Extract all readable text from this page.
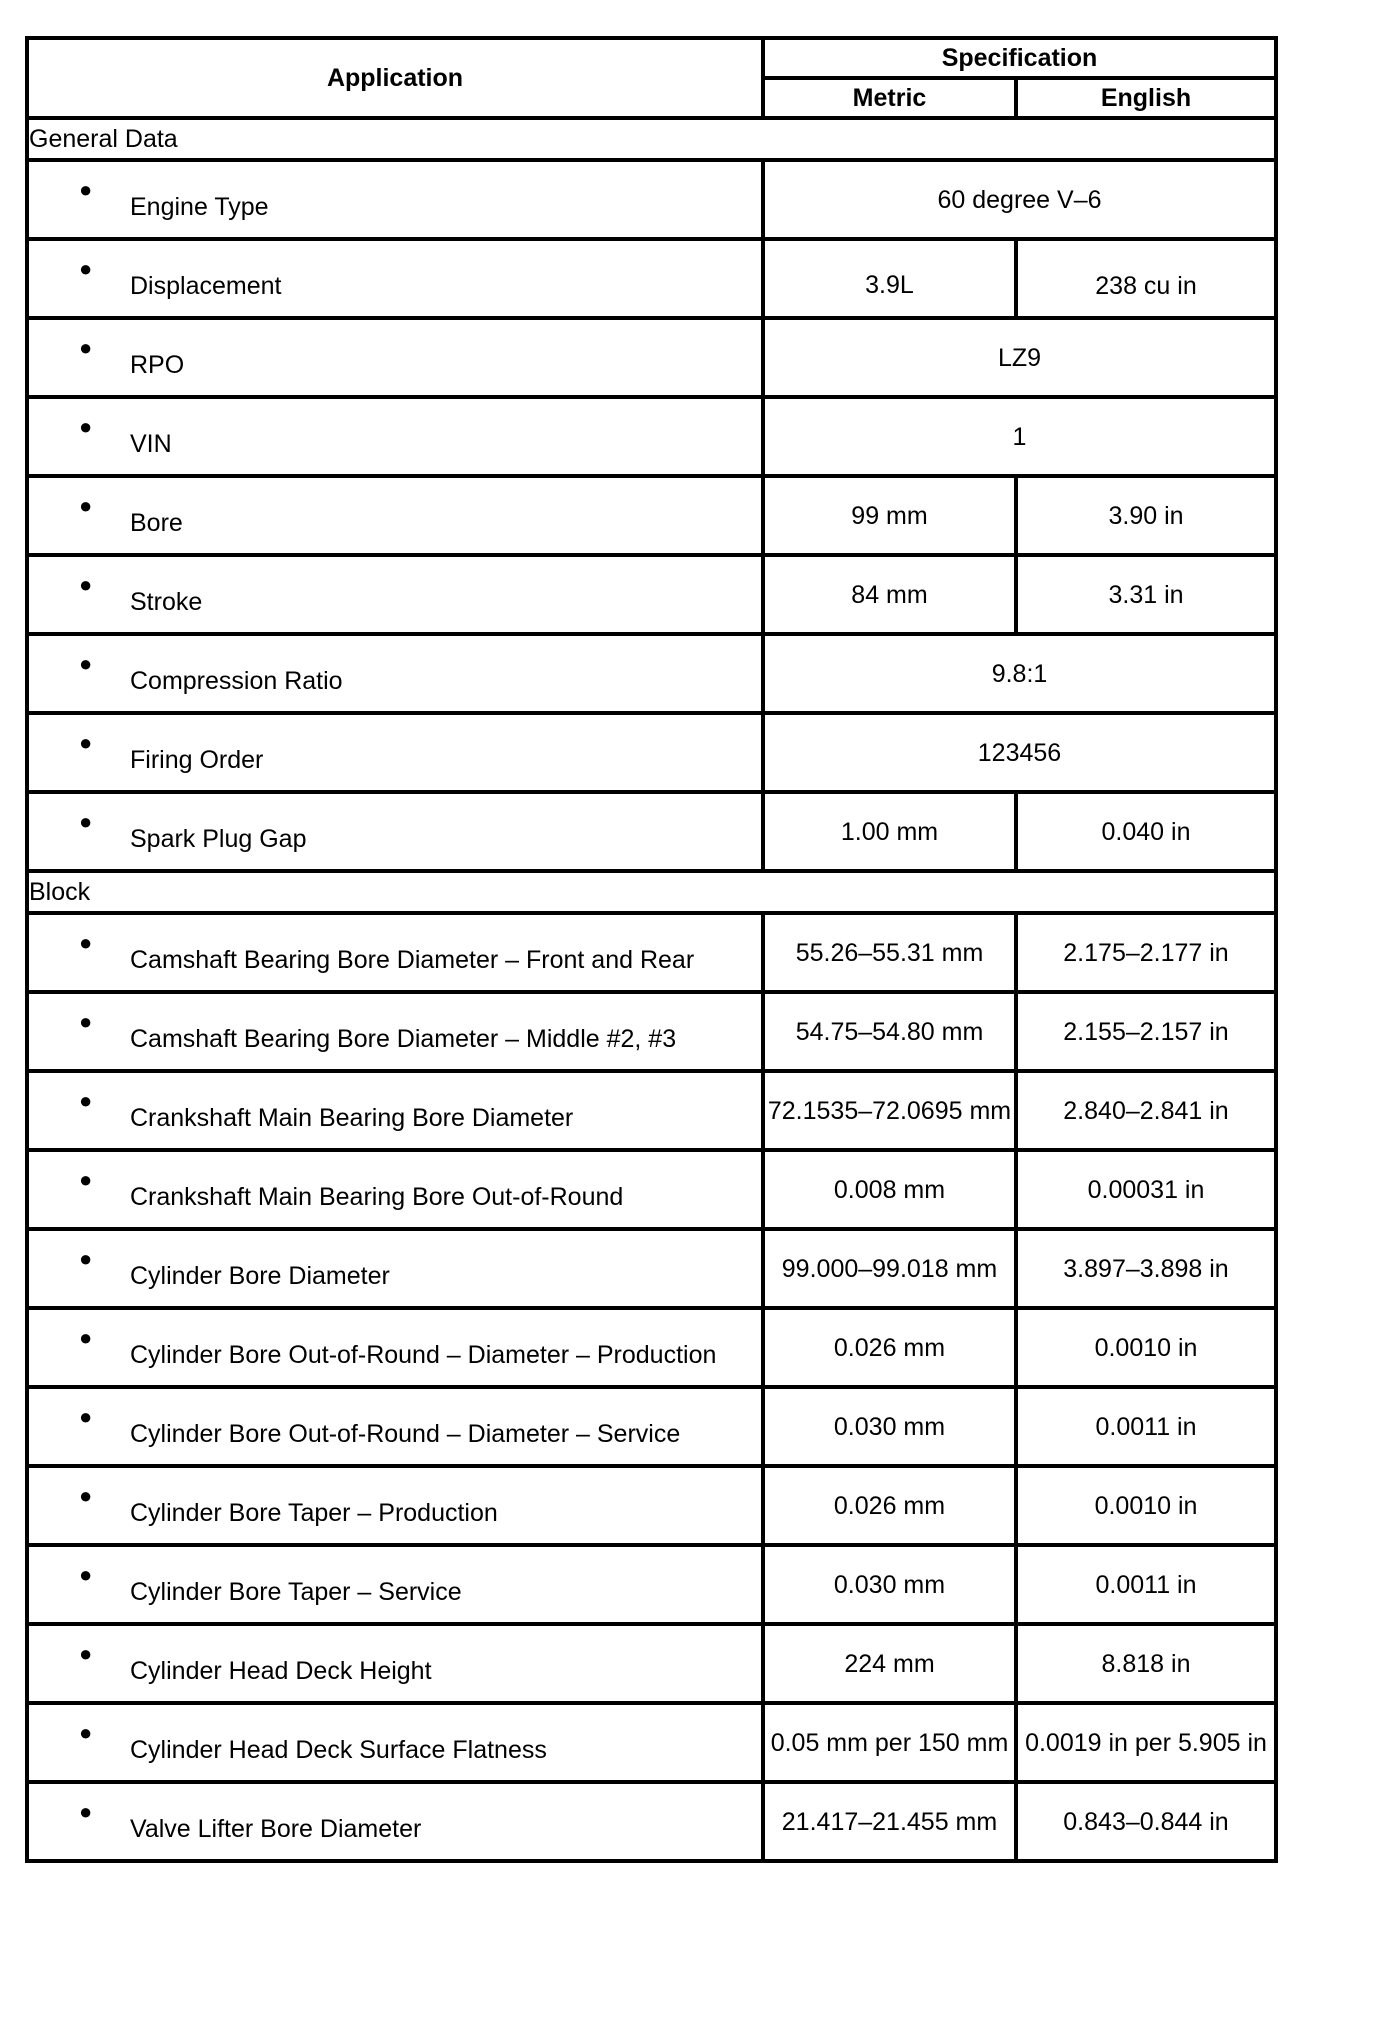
Application	Specification	
	Metric	English
General Data		

●
Engine Type	60 degree V–6	

●
Displacement	3.9L	238 cu in

●
RPO	LZ9	

●
VIN	1	

●
Bore	99 mm	3.90 in

●
Stroke	84 mm	3.31 in

●
Compression Ratio	9.8:1	

●
Firing Order	123456	

●
Spark Plug Gap	1.00 mm	0.040 in
Block		

●
Camshaft Bearing Bore Diameter – Front and Rear	55.26–55.31 mm	2.175–2.177 in

●
Camshaft Bearing Bore Diameter – Middle #2, #3	54.75–54.80 mm	2.155–2.157 in

●
Crankshaft Main Bearing Bore Diameter	72.1535–72.0695 mm	2.840–2.841 in

●
Crankshaft Main Bearing Bore Out-of-Round	0.008 mm	0.00031 in

●
Cylinder Bore Diameter	99.000–99.018 mm	3.897–3.898 in

●
Cylinder Bore Out-of-Round – Diameter – Production	0.026 mm	0.0010 in

●
Cylinder Bore Out-of-Round – Diameter – Service	0.030 mm	0.0011 in

●
Cylinder Bore Taper – Production	0.026 mm	0.0010 in

●
Cylinder Bore Taper – Service	0.030 mm	0.0011 in

●
Cylinder Head Deck Height	224 mm	8.818 in

●
Cylinder Head Deck Surface Flatness	0.05 mm per 150 mm	0.0019 in per 5.905 in

●
Valve Lifter Bore Diameter	21.417–21.455 mm	0.843–0.844 in
